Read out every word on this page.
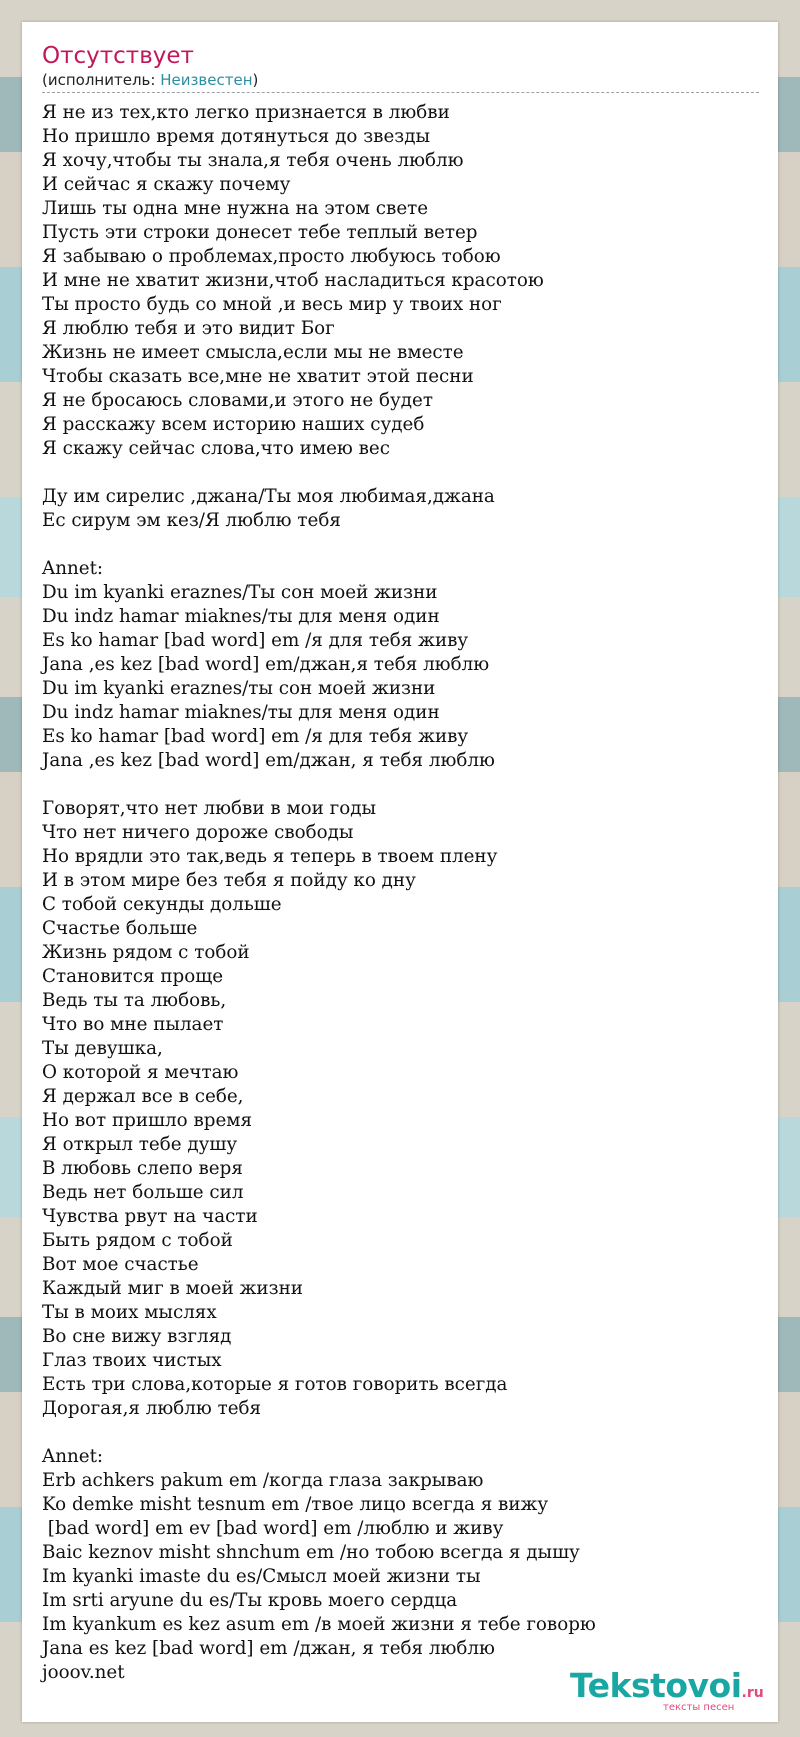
Отсутствует
(исполнитель: Неизвестен)
Я не из тех,кто легко признается в любви
Но пришло время дотянуться до звезды
Я хочу,чтобы ты знала,я тебя очень люблю
И сейчас я скажу почему
Лишь ты одна мне нужна на этом свете
Пусть эти строки донесет тебе теплый ветер
Я забываю о проблемах,просто любуюсь тобою
И мне не хватит жизни,чтоб насладиться красотою
Ты просто будь со мной ,и весь мир у твоих ног
Я люблю тебя и это видит Бог
Жизнь не имеет смысла,если мы не вместе
Чтобы сказать все,мне не хватит этой песни
Я не бросаюсь словами,и этого не будет
Я расскажу всем историю наших судеб
Я скажу сейчас слова,что имею вес
Ду им сирелис ,джана/Ты моя любимая,джана
Ес сирум эм кез/Я люблю тебя
Annet:
Du im kyanki eraznes/Ты сон моей жизни
Du indz hamar miaknes/ты для меня один
Es ko hamar [bad word] em /я для тебя живу
Jana ,es kez [bad word] em/джан,я тебя люблю
Du im kyanki eraznes/ты сон моей жизни
Du indz hamar miaknes/ты для меня один
Es ko hamar [bad word] em /я для тебя живу
Jana ,es kez [bad word] em/джан, я тебя люблю
Говорят,что нет любви в мои годы
Что нет ничего дороже свободы
Но врядли это так,ведь я теперь в твоем плену
И в этом мире без тебя я пойду ко дну
С тобой секунды дольше
Счастье больше
Жизнь рядом с тобой
Становится проще
Ведь ты та любовь,
Что во мне пылает
Ты девушка,
О которой я мечтаю
Я держал все в себе,
Но вот пришло время
Я открыл тебе душу
В любовь слепо веря
Ведь нет больше сил
Чувства рвут на части
Быть рядом с тобой
Вот мое счастье
Каждый миг в моей жизни
Ты в моих мыслях
Во сне вижу взгляд
Глаз твоих чистых
Есть три слова,которые я готов говорить всегда
Дорогая,я люблю тебя
Annet:
Erb achkers pakum em /когда глаза закрываю
Ko demke misht tesnum em /твое лицо всегда я вижу
[bad word] em ev [bad word] em /люблю и живу
Baic keznov misht shnchum em /но тобою всегда я дышу
Im kyanki imaste du es/Смысл моей жизни ты
Im srti aryune du es/Ты кровь моего сердца
Im kyankum es kez asum em /в моей жизни я тебе говорю
Jana es kez [bad word] em /джан, я тебя люблю
jooov.net	Tekstovoi.ru
тексты песен
